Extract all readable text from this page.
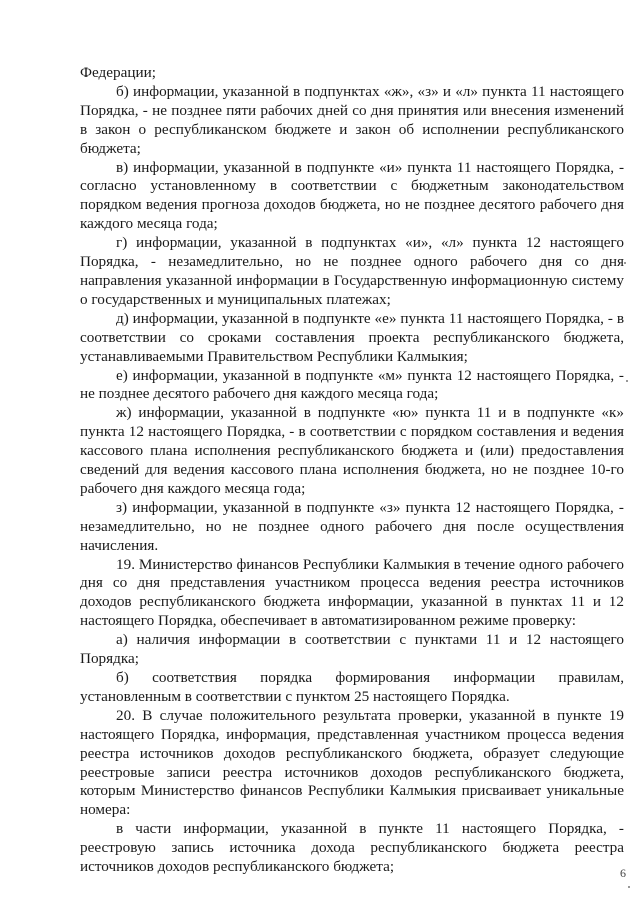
Федерации;

б) информации, указанной в подпунктах «ж», «з» и «л» пункта 11 настоящего Порядка, - не позднее пяти рабочих дней со дня принятия или внесения изменений в закон о республиканском бюджете и закон об исполнении республиканского бюджета;

в) информации, указанной в подпункте «и» пункта 11 настоящего Порядка, - согласно установленному в соответствии с бюджетным законодательством порядком ведения прогноза доходов бюджета, но не позднее десятого рабочего дня каждого месяца года;

г) информации, указанной в подпунктах «и», «л» пункта 12 настоящего Порядка, - незамедлительно, но не позднее одного рабочего дня со дня направления указанной информации в Государственную информационную систему о государственных и муниципальных платежах;

д) информации, указанной в подпункте «е» пункта 11 настоящего Порядка, - в соответствии со сроками составления проекта республиканского бюджета, устанавливаемыми Правительством Республики Калмыкия;

е) информации, указанной в подпункте «м» пункта 12 настоящего Порядка, - не позднее десятого рабочего дня каждого месяца года;

ж) информации, указанной в подпункте «ю» пункта 11 и в подпункте «к» пункта 12 настоящего Порядка, - в соответствии с порядком составления и ведения кассового плана исполнения республиканского бюджета и (или) предоставления сведений для ведения кассового плана исполнения бюджета, но не позднее 10-го рабочего дня каждого месяца года;

з) информации, указанной в подпункте «з» пункта 12 настоящего Порядка, - незамедлительно, но не позднее одного рабочего дня после осуществления начисления.

19. Министерство финансов Республики Калмыкия в течение одного рабочего дня со дня представления участником процесса ведения реестра источников доходов республиканского бюджета информации, указанной в пунктах 11 и 12 настоящего Порядка, обеспечивает в автоматизированном режиме проверку:

а) наличия информации в соответствии с пунктами 11 и 12 настоящего Порядка;

б) соответствия порядка формирования информации правилам, установленным в соответствии с пунктом 25 настоящего Порядка.

20. В случае положительного результата проверки, указанной в пункте 19 настоящего Порядка, информация, представленная участником процесса ведения реестра источников доходов республиканского бюджета, образует следующие реестровые записи реестра источников доходов республиканского бюджета, которым Министерство финансов Республики Калмыкия присваивает уникальные номера:

в части информации, указанной в пункте 11 настоящего Порядка, - реестровую запись источника дохода республиканского бюджета реестра источников доходов республиканского бюджета;	6
